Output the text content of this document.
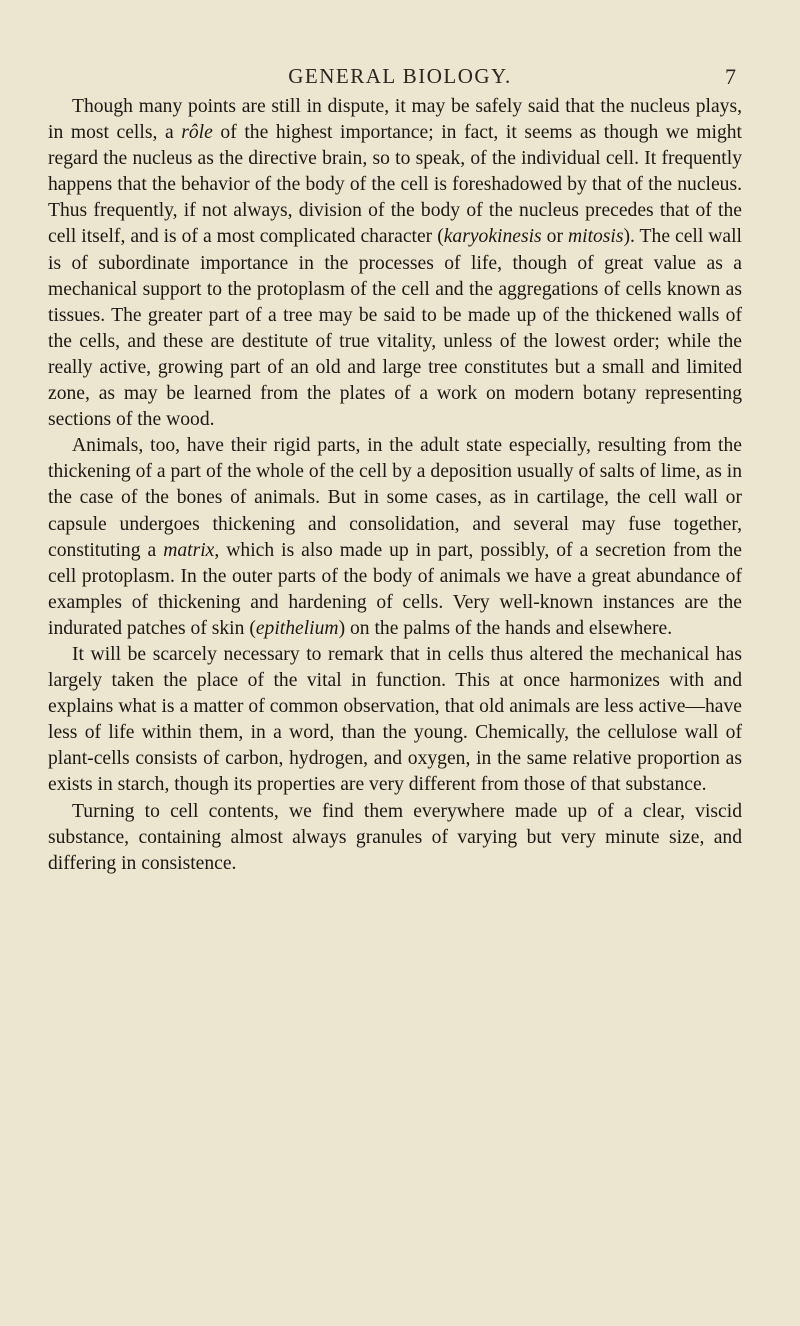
GENERAL BIOLOGY.	7

Though many points are still in dispute, it may be safely said that the nucleus plays, in most cells, a rôle of the highest importance; in fact, it seems as though we might regard the nucleus as the directive brain, so to speak, of the individual cell. It frequently happens that the behavior of the body of the cell is foreshadowed by that of the nucleus. Thus frequently, if not always, division of the body of the nucleus precedes that of the cell itself, and is of a most complicated character (karyokinesis or mitosis). The cell wall is of subordinate importance in the processes of life, though of great value as a mechanical support to the protoplasm of the cell and the aggregations of cells known as tissues. The greater part of a tree may be said to be made up of the thickened walls of the cells, and these are destitute of true vitality, unless of the lowest order; while the really active, growing part of an old and large tree constitutes but a small and limited zone, as may be learned from the plates of a work on modern botany representing sections of the wood.

Animals, too, have their rigid parts, in the adult state especially, resulting from the thickening of a part of the whole of the cell by a deposition usually of salts of lime, as in the case of the bones of animals. But in some cases, as in cartilage, the cell wall or capsule undergoes thickening and consolidation, and several may fuse together, constituting a matrix, which is also made up in part, possibly, of a secretion from the cell protoplasm. In the outer parts of the body of animals we have a great abundance of examples of thickening and hardening of cells. Very well-known instances are the indurated patches of skin (epithelium) on the palms of the hands and elsewhere.

It will be scarcely necessary to remark that in cells thus altered the mechanical has largely taken the place of the vital in function. This at once harmonizes with and explains what is a matter of common observation, that old animals are less active—have less of life within them, in a word, than the young. Chemically, the cellulose wall of plant-cells consists of carbon, hydrogen, and oxygen, in the same relative proportion as exists in starch, though its properties are very different from those of that substance.

Turning to cell contents, we find them everywhere made up of a clear, viscid substance, containing almost always granules of varying but very minute size, and differing in consistence.
